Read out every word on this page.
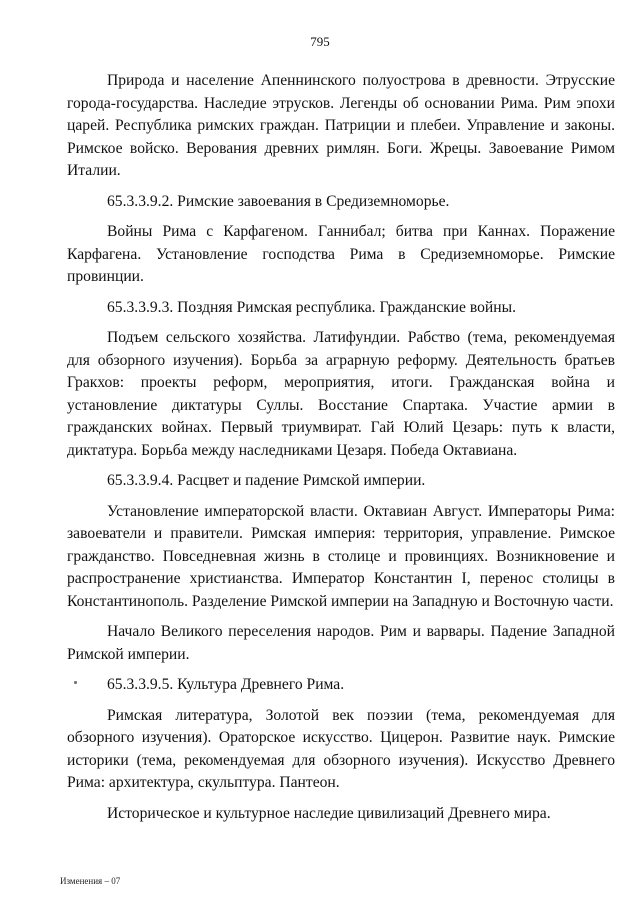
795

Природа и население Апеннинского полуострова в древности. Этрусские города-государства. Наследие этрусков. Легенды об основании Рима. Рим эпохи царей. Республика римских граждан. Патриции и плебеи. Управление и законы. Римское войско. Верования древних римлян. Боги. Жрецы. Завоевание Римом Италии.

65.3.3.9.2. Римские завоевания в Средиземноморье.

Войны Рима с Карфагеном. Ганнибал; битва при Каннах. Поражение Карфагена. Установление господства Рима в Средиземноморье. Римские провинции.

65.3.3.9.3. Поздняя Римская республика. Гражданские войны.

Подъем сельского хозяйства. Латифундии. Рабство (тема, рекомендуемая для обзорного изучения). Борьба за аграрную реформу. Деятельность братьев Гракхов: проекты реформ, мероприятия, итоги. Гражданская война и установление диктатуры Суллы. Восстание Спартака. Участие армии в гражданских войнах. Первый триумвират. Гай Юлий Цезарь: путь к власти, диктатура. Борьба между наследниками Цезаря. Победа Октавиана.

65.3.3.9.4. Расцвет и падение Римской империи.

Установление императорской власти. Октавиан Август. Императоры Рима: завоеватели и правители. Римская империя: территория, управление. Римское гражданство. Повседневная жизнь в столице и провинциях. Возникновение и распространение христианства. Император Константин I, перенос столицы в Константинополь. Разделение Римской империи на Западную и Восточную части.

Начало Великого переселения народов. Рим и варвары. Падение Западной Римской империи.

65.3.3.9.5. Культура Древнего Рима.

Римская литература, Золотой век поэзии (тема, рекомендуемая для обзорного изучения). Ораторское искусство. Цицерон. Развитие наук. Римские историки (тема, рекомендуемая для обзорного изучения). Искусство Древнего Рима: архитектура, скульптура. Пантеон.

Историческое и культурное наследие цивилизаций Древнего мира.

Изменения – 07
